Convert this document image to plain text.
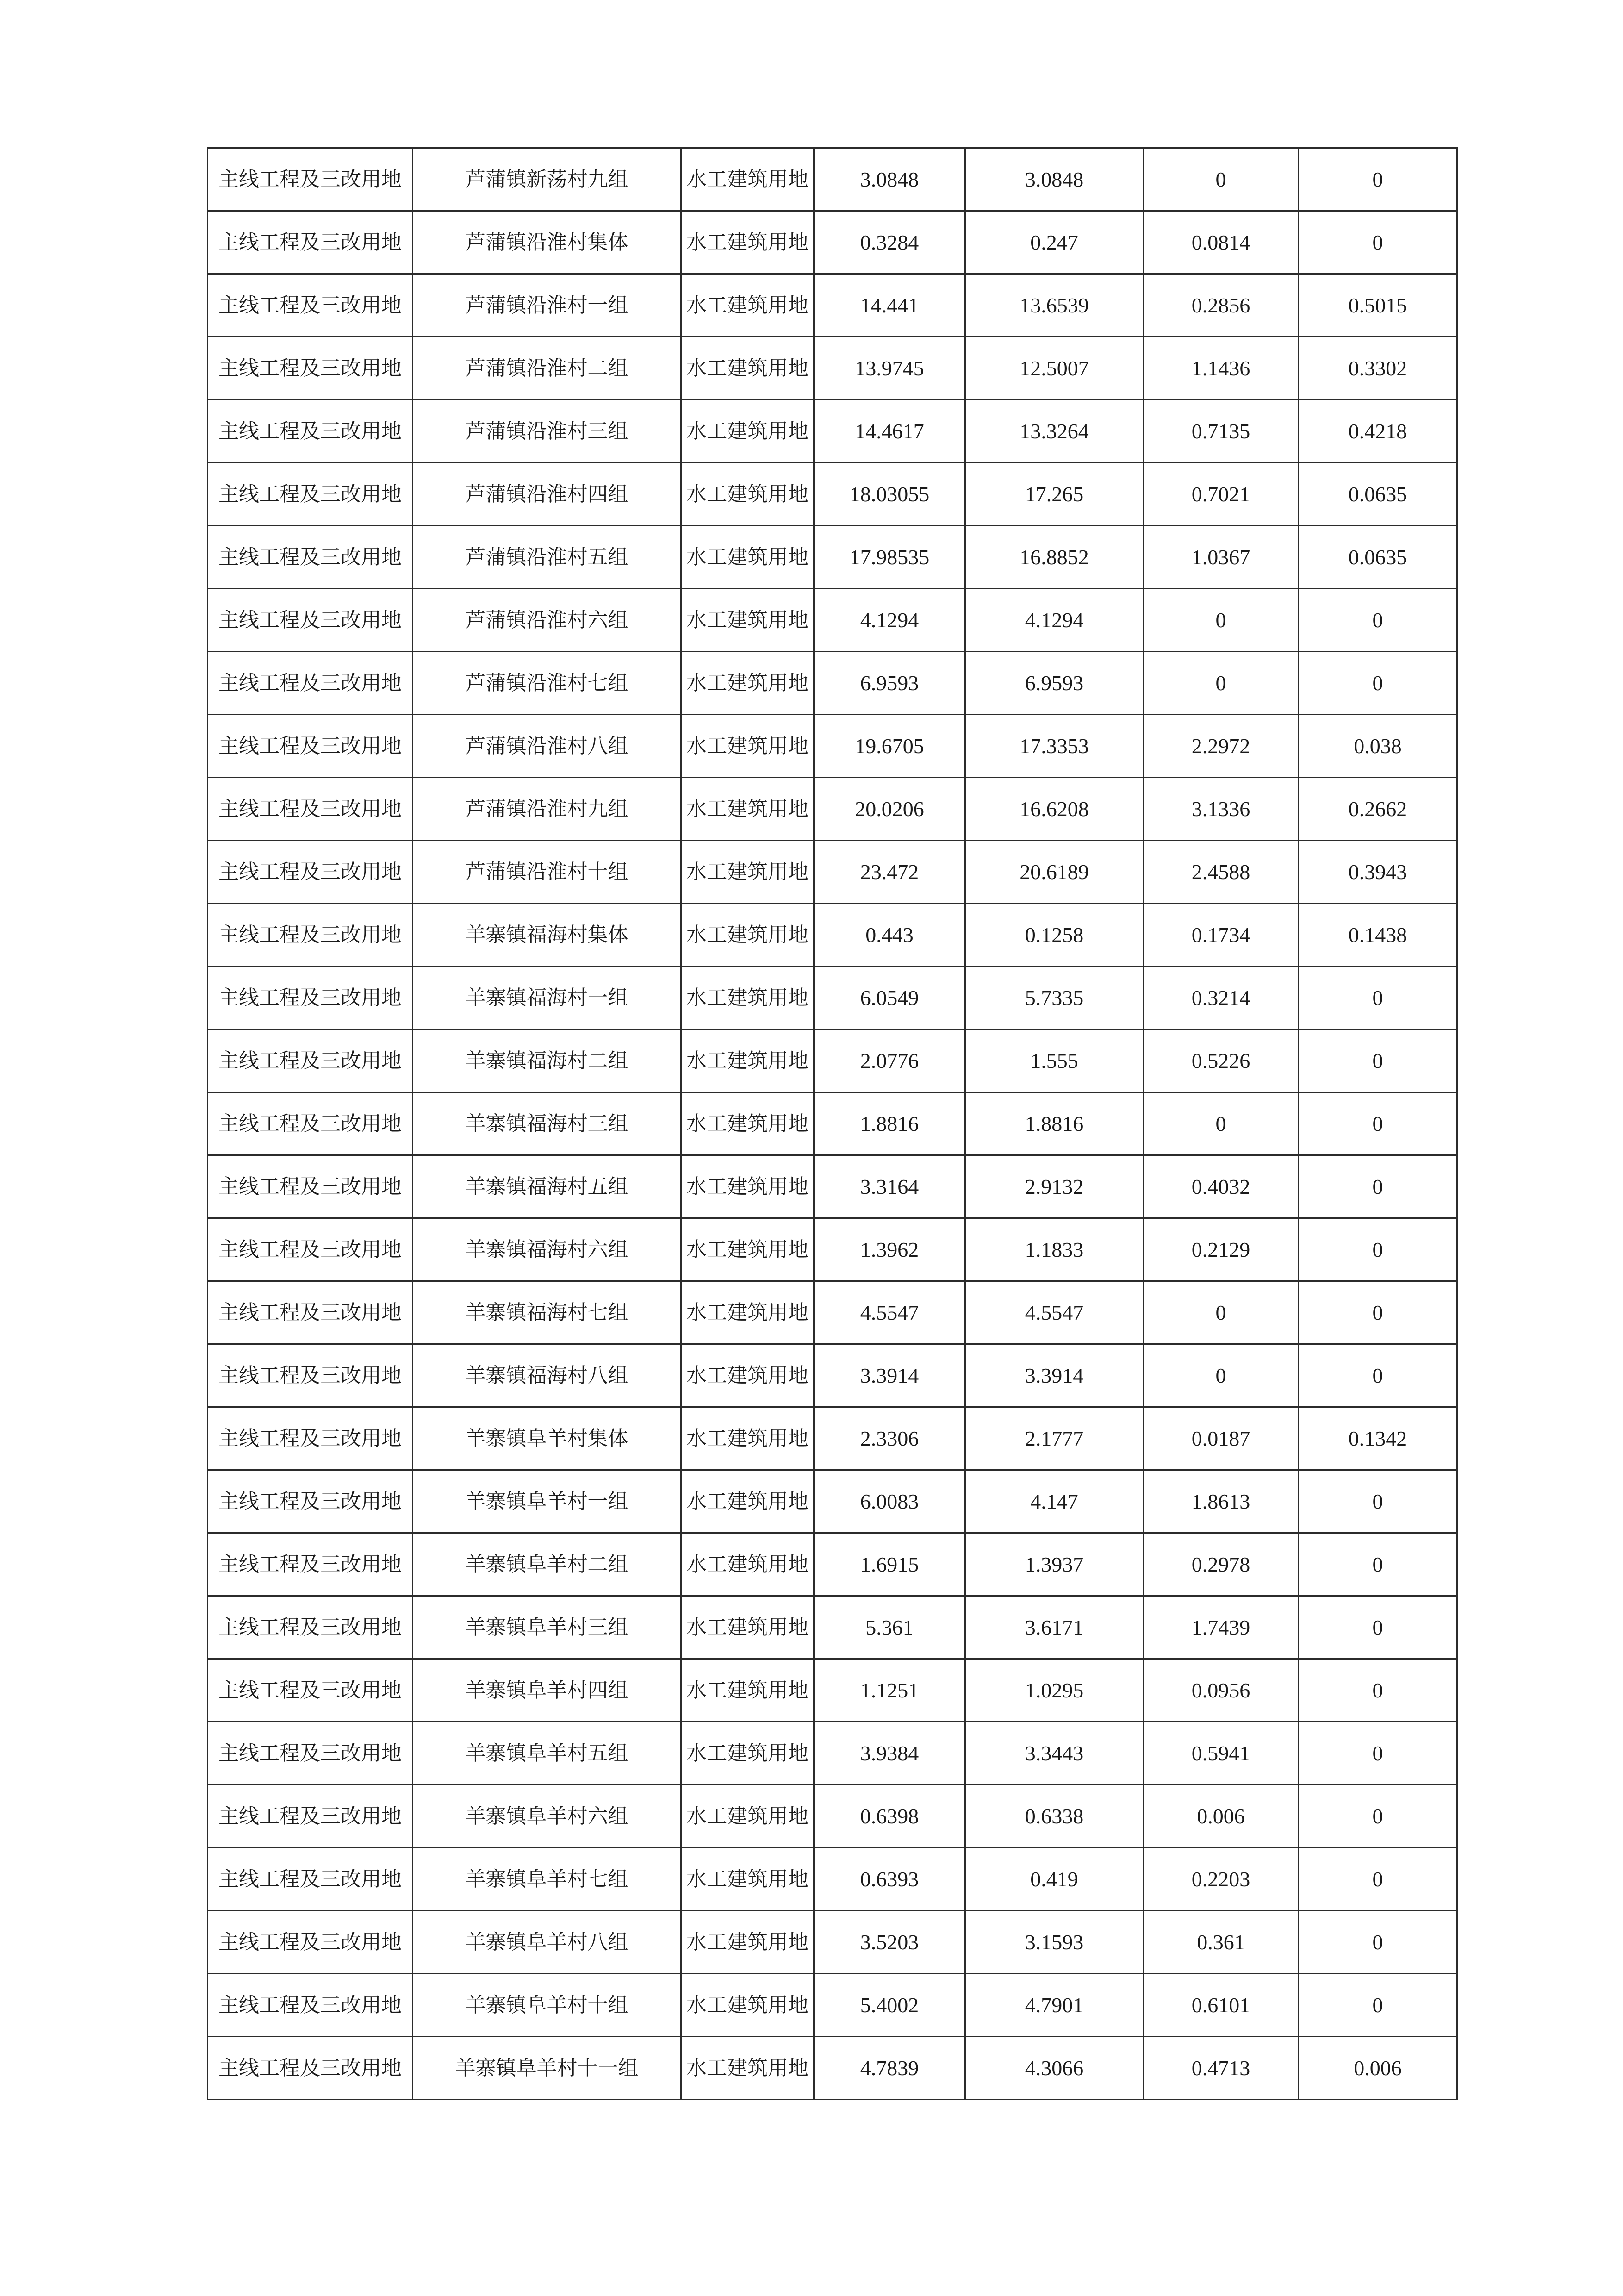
主线工程及三改用地	芦蒲镇新荡村九组	水工建筑用地	3.0848	3.0848	0	0
主线工程及三改用地	芦蒲镇沿淮村集体	水工建筑用地	0.3284	0.247	0.0814	0
主线工程及三改用地	芦蒲镇沿淮村一组	水工建筑用地	14.441	13.6539	0.2856	0.5015
主线工程及三改用地	芦蒲镇沿淮村二组	水工建筑用地	13.9745	12.5007	1.1436	0.3302
主线工程及三改用地	芦蒲镇沿淮村三组	水工建筑用地	14.4617	13.3264	0.7135	0.4218
主线工程及三改用地	芦蒲镇沿淮村四组	水工建筑用地	18.03055	17.265	0.7021	0.0635
主线工程及三改用地	芦蒲镇沿淮村五组	水工建筑用地	17.98535	16.8852	1.0367	0.0635
主线工程及三改用地	芦蒲镇沿淮村六组	水工建筑用地	4.1294	4.1294	0	0
主线工程及三改用地	芦蒲镇沿淮村七组	水工建筑用地	6.9593	6.9593	0	0
主线工程及三改用地	芦蒲镇沿淮村八组	水工建筑用地	19.6705	17.3353	2.2972	0.038
主线工程及三改用地	芦蒲镇沿淮村九组	水工建筑用地	20.0206	16.6208	3.1336	0.2662
主线工程及三改用地	芦蒲镇沿淮村十组	水工建筑用地	23.472	20.6189	2.4588	0.3943
主线工程及三改用地	羊寨镇福海村集体	水工建筑用地	0.443	0.1258	0.1734	0.1438
主线工程及三改用地	羊寨镇福海村一组	水工建筑用地	6.0549	5.7335	0.3214	0
主线工程及三改用地	羊寨镇福海村二组	水工建筑用地	2.0776	1.555	0.5226	0
主线工程及三改用地	羊寨镇福海村三组	水工建筑用地	1.8816	1.8816	0	0
主线工程及三改用地	羊寨镇福海村五组	水工建筑用地	3.3164	2.9132	0.4032	0
主线工程及三改用地	羊寨镇福海村六组	水工建筑用地	1.3962	1.1833	0.2129	0
主线工程及三改用地	羊寨镇福海村七组	水工建筑用地	4.5547	4.5547	0	0
主线工程及三改用地	羊寨镇福海村八组	水工建筑用地	3.3914	3.3914	0	0
主线工程及三改用地	羊寨镇阜羊村集体	水工建筑用地	2.3306	2.1777	0.0187	0.1342
主线工程及三改用地	羊寨镇阜羊村一组	水工建筑用地	6.0083	4.147	1.8613	0
主线工程及三改用地	羊寨镇阜羊村二组	水工建筑用地	1.6915	1.3937	0.2978	0
主线工程及三改用地	羊寨镇阜羊村三组	水工建筑用地	5.361	3.6171	1.7439	0
主线工程及三改用地	羊寨镇阜羊村四组	水工建筑用地	1.1251	1.0295	0.0956	0
主线工程及三改用地	羊寨镇阜羊村五组	水工建筑用地	3.9384	3.3443	0.5941	0
主线工程及三改用地	羊寨镇阜羊村六组	水工建筑用地	0.6398	0.6338	0.006	0
主线工程及三改用地	羊寨镇阜羊村七组	水工建筑用地	0.6393	0.419	0.2203	0
主线工程及三改用地	羊寨镇阜羊村八组	水工建筑用地	3.5203	3.1593	0.361	0
主线工程及三改用地	羊寨镇阜羊村十组	水工建筑用地	5.4002	4.7901	0.6101	0
主线工程及三改用地	羊寨镇阜羊村十一组	水工建筑用地	4.7839	4.3066	0.4713	0.006
